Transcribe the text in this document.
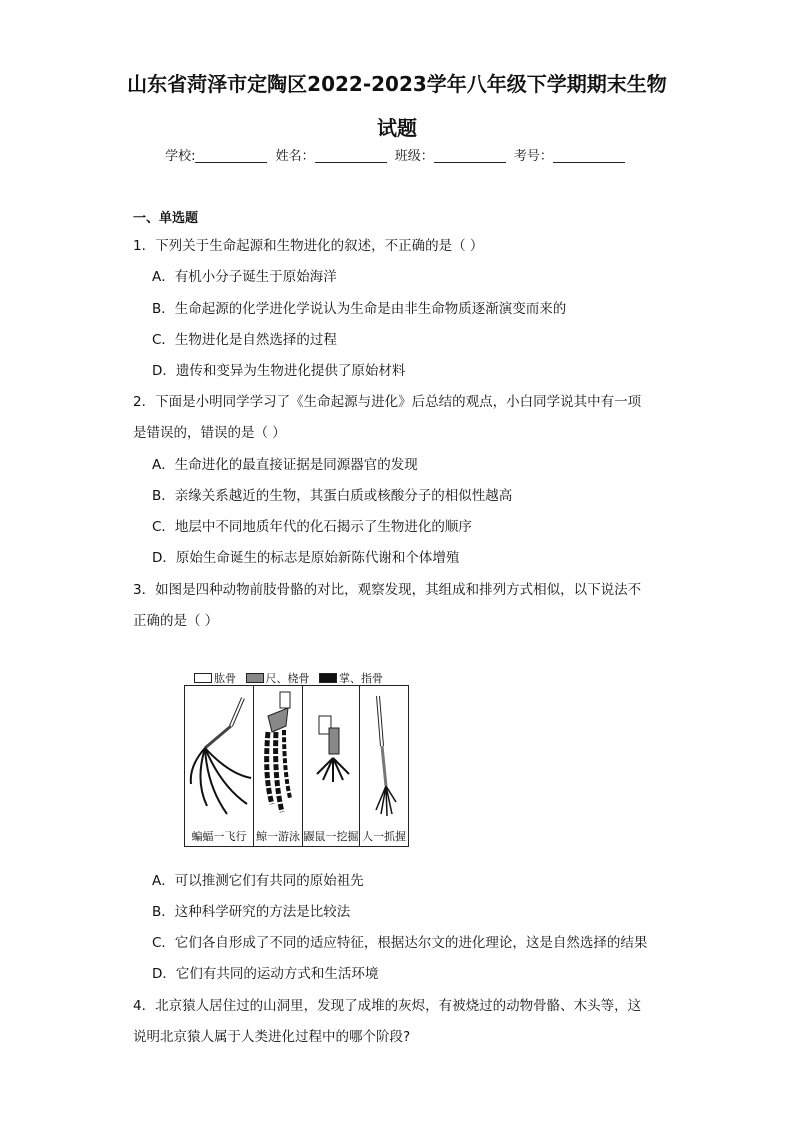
山东省菏泽市定陶区2022-2023学年八年级下学期期末生物
试题
学校:	姓名：	班级：	考号：
一、单选题
1．下列关于生命起源和生物进化的叙述，不正确的是（ ）
A．有机小分子诞生于原始海洋
B．生命起源的化学进化学说认为生命是由非生命物质逐渐演变而来的
C．生物进化是自然选择的过程
D．遗传和变异为生物进化提供了原始材料
2．下面是小明同学学习了《生命起源与进化》后总结的观点，小白同学说其中有一项
是错误的，错误的是（ ）
A．生命进化的最直接证据是同源器官的发现
B．亲缘关系越近的生物，其蛋白质或核酸分子的相似性越高
C．地层中不同地质年代的化石揭示了生物进化的顺序
D．原始生命诞生的标志是原始新陈代谢和个体增殖
3．如图是四种动物前肢骨骼的对比，观察发现，其组成和排列方式相似，以下说法不
正确的是（ ）
肱骨	尺、桡骨	掌、指骨
蝙蝠一飞行 鲸一游泳 鼹鼠一挖掘 人一抓握
A．可以推测它们有共同的原始祖先
B．这种科学研究的方法是比较法
C．它们各自形成了不同的适应特征，根据达尔文的进化理论，这是自然选择的结果
D．它们有共同的运动方式和生活环境
4．北京猿人居住过的山洞里，发现了成堆的灰烬，有被烧过的动物骨骼、木头等，这
说明北京猿人属于人类进化过程中的哪个阶段?
